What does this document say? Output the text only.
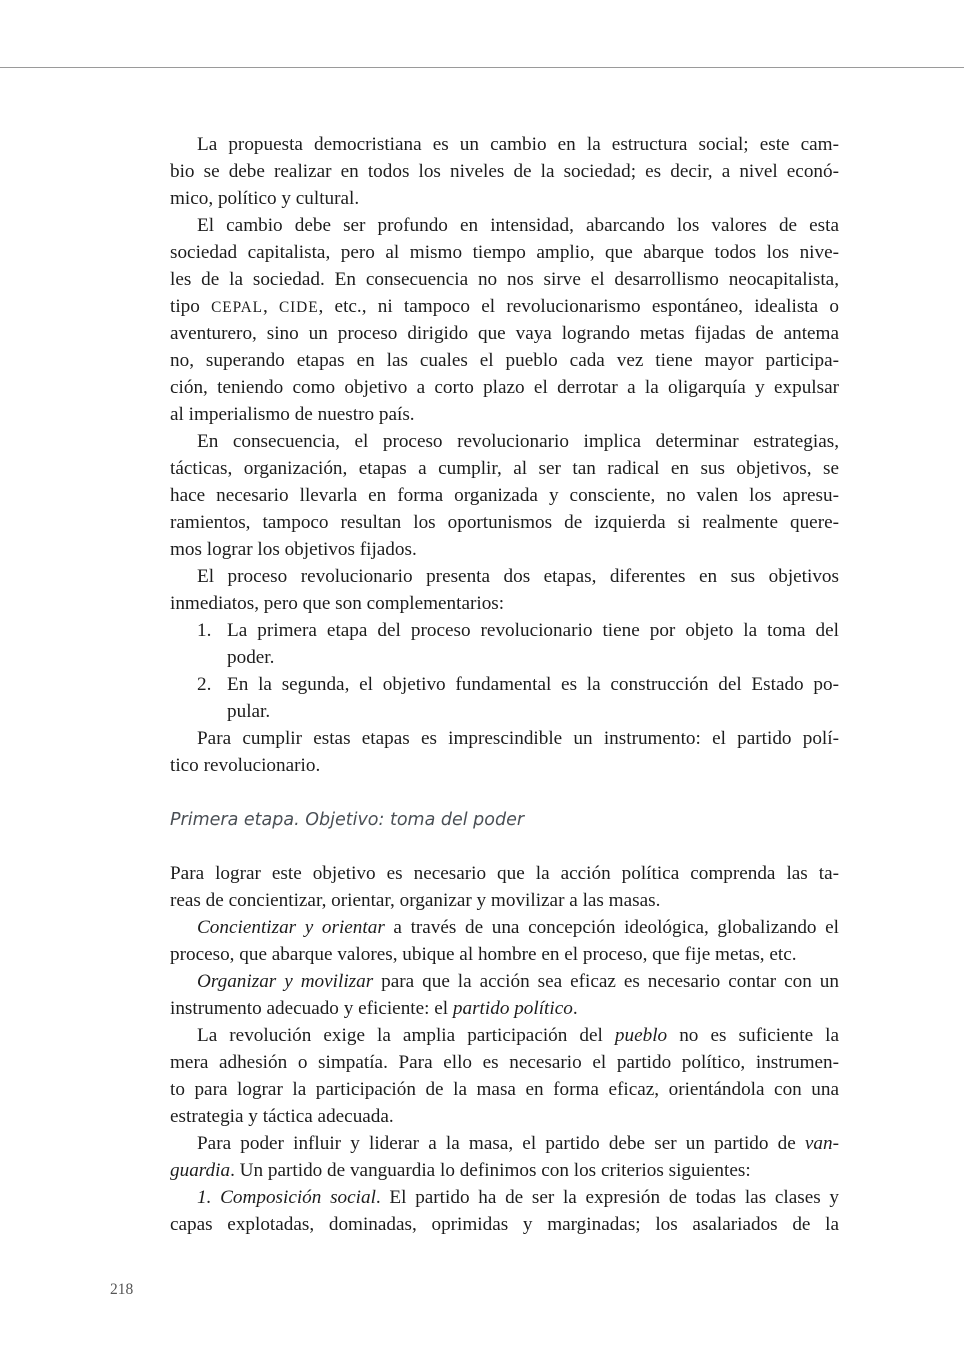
La propuesta democristiana es un cambio en la estructura social; este cam-
bio se debe realizar en todos los niveles de la sociedad; es decir, a nivel econó-
mico, político y cultural.
El cambio debe ser profundo en intensidad, abarcando los valores de esta
sociedad capitalista, pero al mismo tiempo amplio, que abarque todos los nive-
les de la sociedad. En consecuencia no nos sirve el desarrollismo neocapitalista,
tipo CEPAL, CIDE, etc., ni tampoco el revolucionarismo espontáneo, idealista o
aventurero, sino un proceso dirigido que vaya logrando metas fijadas de antema
no, superando etapas en las cuales el pueblo cada vez tiene mayor participa-
ción, teniendo como objetivo a corto plazo el derrotar a la oligarquía y expulsar
al imperialismo de nuestro país.
En consecuencia, el proceso revolucionario implica determinar estrategias,
tácticas, organización, etapas a cumplir, al ser tan radical en sus objetivos, se
hace necesario llevarla en forma organizada y consciente, no valen los apresu-
ramientos, tampoco resultan los oportunismos de izquierda si realmente quere-
mos lograr los objetivos fijados.
El proceso revolucionario presenta dos etapas, diferentes en sus objetivos
inmediatos, pero que son complementarios:
1. La primera etapa del proceso revolucionario tiene por objeto la toma del
poder.
2. En la segunda, el objetivo fundamental es la construcción del Estado po-
pular.
Para cumplir estas etapas es imprescindible un instrumento: el partido polí-
tico revolucionario.
Primera etapa. Objetivo: toma del poder
Para lograr este objetivo es necesario que la acción política comprenda las ta-
reas de concientizar, orientar, organizar y movilizar a las masas.
Concientizar y orientar a través de una concepción ideológica, globalizando el
proceso, que abarque valores, ubique al hombre en el proceso, que fije metas, etc.
Organizar y movilizar para que la acción sea eficaz es necesario contar con un
instrumento adecuado y eficiente: el partido político.
La revolución exige la amplia participación del pueblo no es suficiente la
mera adhesión o simpatía. Para ello es necesario el partido político, instrumen-
to para lograr la participación de la masa en forma eficaz, orientándola con una
estrategia y táctica adecuada.
Para poder influir y liderar a la masa, el partido debe ser un partido de van-
guardia. Un partido de vanguardia lo definimos con los criterios siguientes:
1. Composición social. El partido ha de ser la expresión de todas las clases y
capas explotadas, dominadas, oprimidas y marginadas; los asalariados de la
218
